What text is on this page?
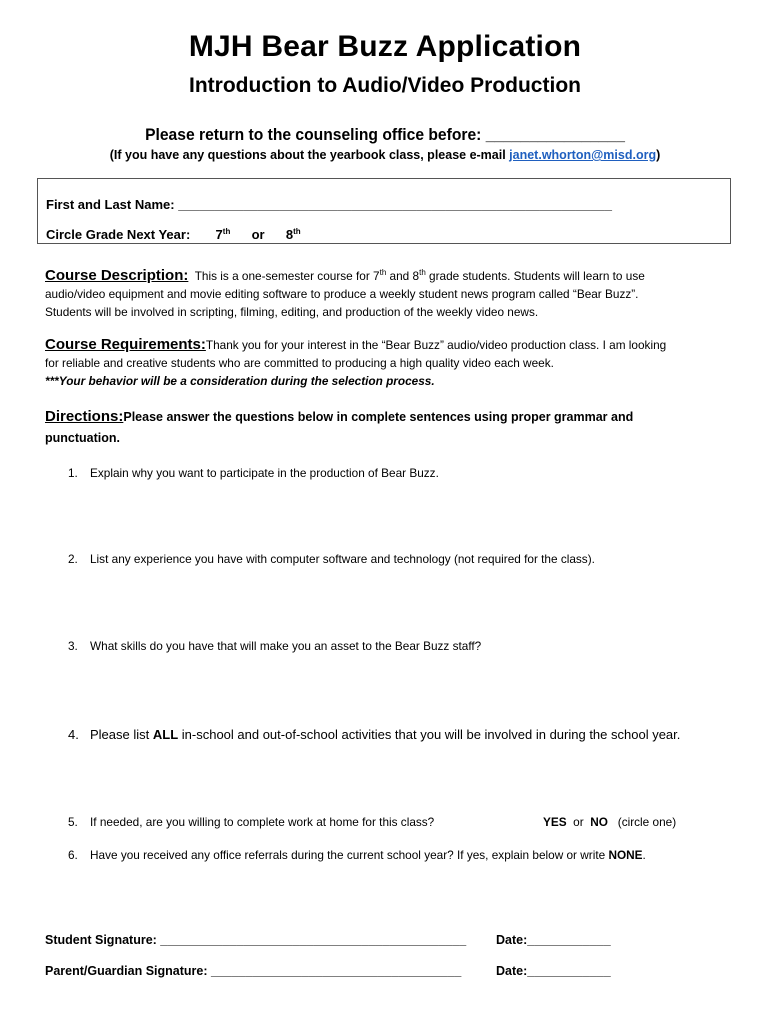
MJH Bear Buzz Application
Introduction to Audio/Video Production
Please return to the counseling office before: ________________
(If you have any questions about the yearbook class, please e-mail janet.whorton@misd.org)
First and Last Name: ____________________________________________________________
Circle Grade Next Year: 7th or 8th
Course Description: This is a one-semester course for 7th and 8th grade students. Students will learn to use
audio/video equipment and movie editing software to produce a weekly student news program called “Bear Buzz”.
Students will be involved in scripting, filming, editing, and production of the weekly video news.
Course Requirements:Thank you for your interest in the “Bear Buzz” audio/video production class. I am looking
for reliable and creative students who are committed to producing a high quality video each week.
***Your behavior will be a consideration during the selection process.
Directions:Please answer the questions below in complete sentences using proper grammar and
punctuation.
1. Explain why you want to participate in the production of Bear Buzz.
2. List any experience you have with computer software and technology (not required for the class).
3. What skills do you have that will make you an asset to the Bear Buzz staff?
4. Please list ALL in-school and out-of-school activities that you will be involved in during the school year.
5. If needed, are you willing to complete work at home for this class?	YES or NO (circle one)
6. Have you received any office referrals during the current school year? If yes, explain below or write NONE.
Student Signature: ____________________________________________ Date:____________
Parent/Guardian Signature: ____________________________________	Date:____________
